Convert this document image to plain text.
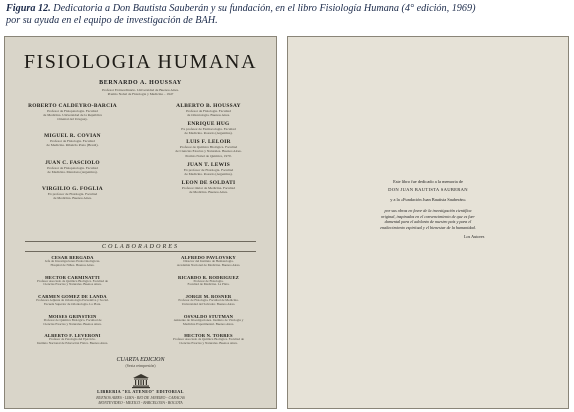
Figura 12. Dedicatoria a Don Bautista Sauberán y su fundación, en el libro Fisiología Humana (4° edición, 1969)
por su ayuda en el equipo de investigación de BAH.
FISIOLOGIA HUMANA
BERNARDO A. HOUSSAY
Profesor Extraordinario. Universidad de Buenos Aires.
Premio Nobel de Fisiología y Medicina – 1947
ROBERTO CALDEYRO-BARCIA
Profesor de Fisiopatología. Facultad
de Medicina. Universidad de la República
Oriental del Uruguay.
MIGUEL R. COVIAN
Profesor de Fisiología. Facultad
de Medicina. Ribeirão Preto (Brasil).
JUAN C. FASCIOLO
Profesor de Fisiopatología. Facultad
de Medicina. Mendoza (Argentina).
VIRGILIO G. FOGLIA
Ex profesor de Fisiología. Facultad
de Medicina. Buenos Aires.
ALBERTO B. HOUSSAY
Profesor de Fisiología. Facultad
de Odontología. Buenos Aires.
ENRIQUE HUG
Ex profesor de Farmacología. Facultad
de Medicina. Rosario (Argentina).
LUIS F. LELOIR
Profesor de Química Biológica. Facultad
de Ciencias Exactas y Naturales. Buenos Aires.
Premio Nobel de Química, 1970.
JUAN T. LEWIS
Ex profesor de Fisiología. Facultad
de Medicina. Rosario (Argentina).
LEON DE SOLDATI
Profesor titular de Medicina. Facultad
de Medicina. Buenos Aires.
COLABORADORES
CESAR BERGADA
Jefe de Investigaciones Endocrinológicas.
Hospital de Niños. Buenos Aires.
HECTOR CARMINATTI
Profesor Asociado de Química Biológica. Facultad de
Ciencias Exactas y Naturales. Buenos Aires.
CARMEN GOMEZ DE LANDA
Profesora Adjunta de Odontología Preventiva y Social.
Escuela Superior de Odontología. La Plata.
MOISES GRINSTEIN
Profesor de Química Biológica. Facultad de
Ciencias Exactas y Naturales. Buenos Aires.
ALBERTO F. LEVERONI
Profesor de Patología del Ejercicio.
Instituto Nacional de Educación Física. Buenos Aires.
ALFREDO PAVLOVSKY
Director del Instituto de Hematología.
Academia Nacional de Medicina. Buenos Aires.
RICARDO R. RODRIGUEZ
Profesor de Fisiología.
Facultad de Medicina. La Plata.
JORGE M. ROSNER
Profesor de Fisiología. Facultad de Medicina.
Universidad del Salvador. Buenos Aires.
OSVALDO STUTMAN
Asistente de Investigaciones. Instituto de Virología y
Medicina Experimental. Buenos Aires.
HECTOR N. TORRES
Profesor Asociado de Química Biológica. Facultad de
Ciencias Exactas y Naturales. Buenos Aires.
CUARTA EDICION
(Sexta reimpresión)
LIBRERIA "EL ATENEO" EDITORIAL
BUENOS AIRES - LIMA - RIO DE JANEIRO - CARACAS
MONTEVIDEO - MEXICO - BARCELONA - BOGOTA
Este libro fue dedicado a la memoria de
DON JUAN BAUTISTA SAUBERAN
y a la «Fundación Juan Bautista Sauberán»
por sus obras en favor de la investigación científica
original, inspiradas en el convencimiento de que es fun-
damental para el adelanto de nuestro país y para el
enaltecimiento espiritual y el bienestar de la humanidad.
Los Autores
